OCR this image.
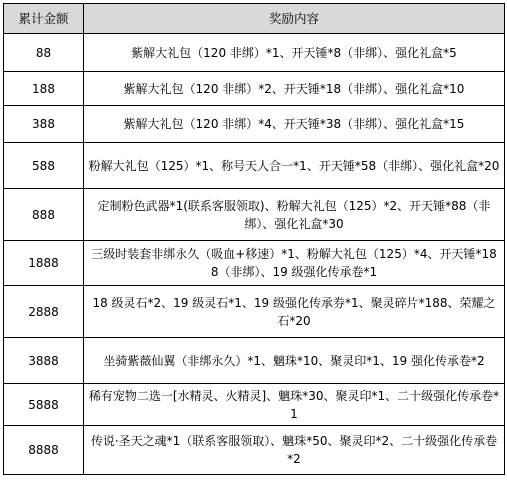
累计金额	奖励内容
88	紫解大礼包（120 非绑）*1、开天锤*8（非绑）、强化礼盒*5
188	紫解大礼包（120 非绑）*2、开天锤*18（非绑）、强化礼盒*10
388	紫解大礼包（120 非绑）*4、开天锤*38（非绑）、强化礼盒*15
588	粉解大礼包（125）*1、称号天人合一*1、开天锤*58（非绑）、强化礼盒*20
888	定制粉色武器*1(联系客服领取)、粉解大礼包（125）*2、开天锤*88（非绑）、强化礼盒*30
1888	三级时装套非绑永久（吸血+移速）*1、粉解大礼包（125）*4、开天锤*188（非绑）、19 级强化传承卷*1
2888	18 级灵石*2、19 级灵石*1、19 级强化传承券*1、聚灵碎片*188、荣耀之石*20
3888	坐骑紫薇仙翼（非绑永久）*1、魑珠*10、聚灵印*1、19 强化传承卷*2
5888	稀有宠物二选一[水精灵、火精灵]、魑珠*30、聚灵印*1、二十级强化传承卷*1
8888	传说·圣天之魂*1（联系客服领取）、魑珠*50、聚灵印*2、二十级强化传承卷*2
